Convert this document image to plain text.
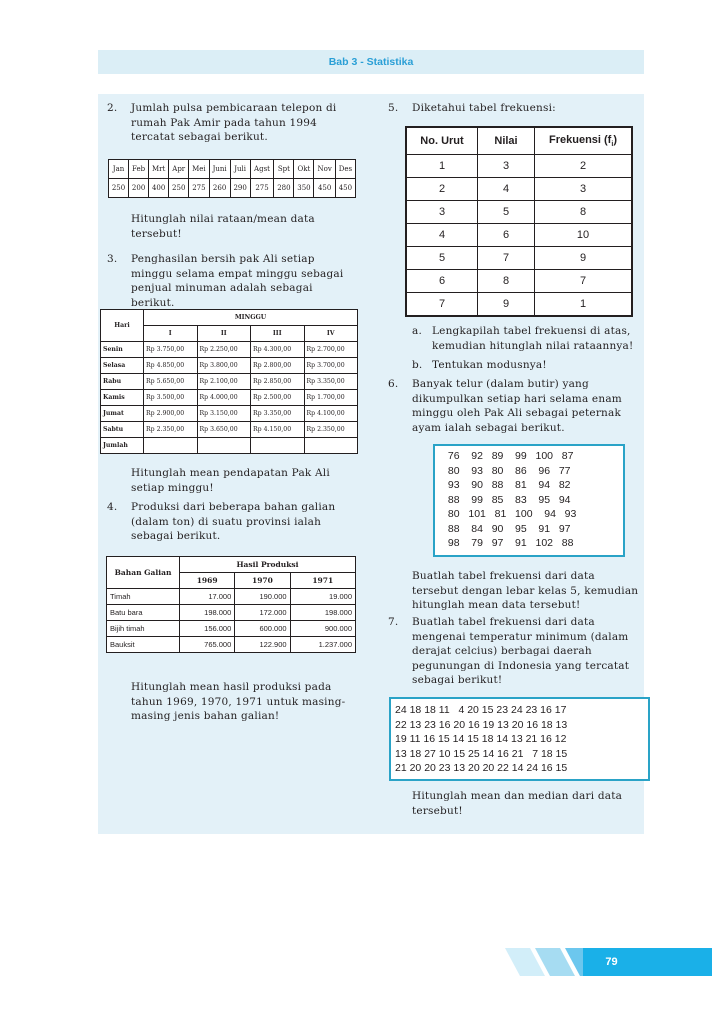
Bab 3 - Statistika
2. Jumlah pulsa pembicaraan telepon di rumah Pak Amir pada tahun 1994 tercatat sebagai berikut.

Jan	Feb	Mrt	Apr	Mei	Juni	Juli	Agst	Spt	Okt	Nov	Des
250	200	400	250	275	260	290	275	280	350	450	450

Hitunglah nilai rataan/mean data tersebut!

3. Penghasilan bersih pak Ali setiap minggu selama empat minggu sebagai penjual minuman adalah sebagai berikut.

Hari	MINGGU			
	I	II	III	IV
Senin	Rp 3.750,00	Rp 2.250,00	Rp 4.300,00	Rp 2.700,00
Selasa	Rp 4.850,00	Rp 3.800,00	Rp 2.800,00	Rp 3.700,00
Rabu	Rp 5.650,00	Rp 2.100,00	Rp 2.850,00	Rp 3.350,00
Kamis	Rp 3.500,00	Rp 4.000,00	Rp 2.500,00	Rp 1.700,00
Jumat	Rp 2.900,00	Rp 3.150,00	Rp 3.350,00	Rp 4.100,00
Sabtu	Rp 2.350,00	Rp 3.650,00	Rp 4.150,00	Rp 2.350,00
Jumlah				

Hitunglah mean pendapatan Pak Ali setiap minggu!

4. Produksi dari beberapa bahan galian (dalam ton) di suatu provinsi ialah sebagai berikut.

Bahan Galian	Hasil Produksi		
	1969	1970	1971
Timah	17.000	190.000	19.000
Batu bara	198.000	172.000	198.000
Bijih timah	156.000	600.000	900.000
Bauksit	765.000	122.900	1.237.000

Hitunglah mean hasil produksi pada tahun 1969, 1970, 1971 untuk masing-masing jenis bahan galian!

5. Diketahui tabel frekuensi:

No. Urut	Nilai	Frekuensi $(f_i)$
1	3	2
2	4	3
3	5	8
4	6	10
5	7	9
6	8	7
7	9	1
a. Lengkapilah tabel frekuensi di atas, kemudian hitunglah nilai rataannya!

b. Tentukan modusnya!

6. Banyak telur (dalam butir) yang dikumpulkan setiap hari selama enam minggu oleh Pak Ali sebagai peternak ayam ialah sebagai berikut.

76    92   89    99   100   87
80    93   80    86    96   77
93    90   88    81    94   82
88    99   85    83    95   94
80   101   81   100    94   93
88    84   90    95    91   97
98    79   97    91   102   88

Buatlah tabel frekuensi dari data tersebut dengan lebar kelas 5, kemudian hitunglah mean data tersebut!

7. Buatlah tabel frekuensi dari data mengenai temperatur minimum (dalam derajat celcius) berbagai daerah pegunungan di Indonesia yang tercatat sebagai berikut!

24 18 18 11   4 20 15 23 24 23 16 17
22 13 23 16 20 16 19 13 20 16 18 13
19 11 16 15 14 15 18 14 13 21 16 12
13 18 27 10 15 25 14 16 21   7 18 15
21 20 20 23 13 20 20 22 14 24 16 15

Hitunglah mean dan median dari data tersebut!

79
